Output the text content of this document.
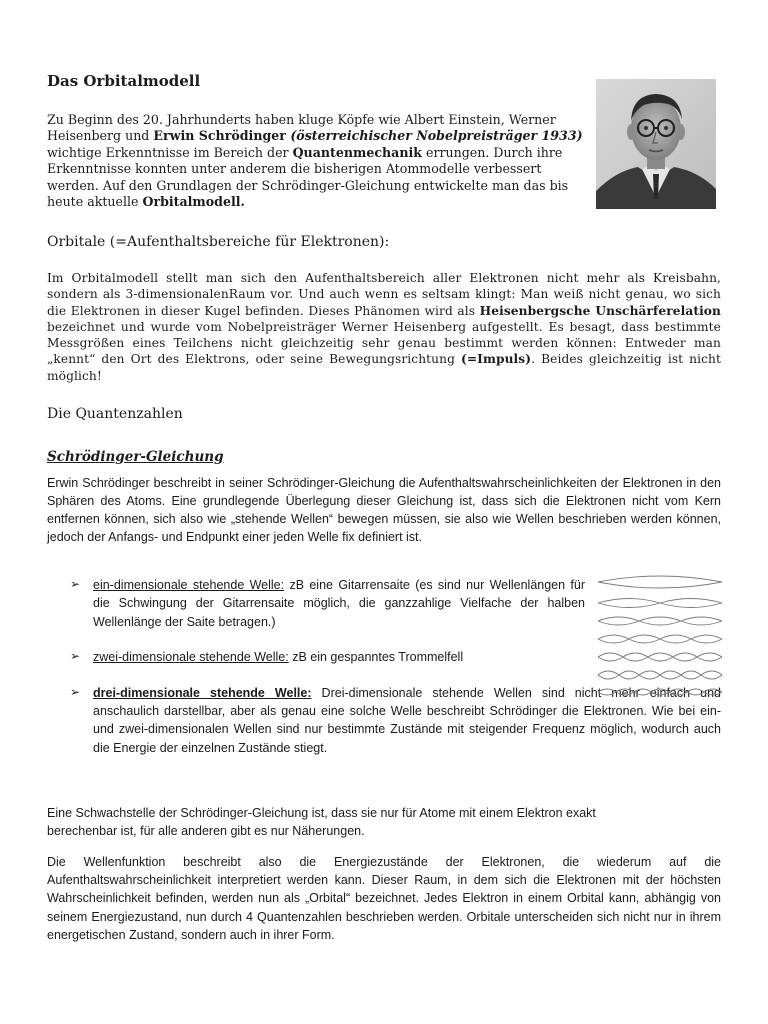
Das Orbitalmodell

Zu Beginn des 20. Jahrhunderts haben kluge Köpfe wie Albert Einstein, Werner Heisenberg und Erwin Schrödinger (österreichischer Nobelpreisträger 1933) wichtige Erkenntnisse im Bereich der Quantenmechanik errungen. Durch ihre Erkenntnisse konnten unter anderem die bisherigen Atommodelle verbessert werden. Auf den Grundlagen der Schrödinger-Gleichung entwickelte man das bis heute aktuelle Orbitalmodell.

Orbitale (=Aufenthaltsbereiche für Elektronen):

Im Orbitalmodell stellt man sich den Aufenthaltsbereich aller Elektronen nicht mehr als Kreisbahn, sondern als 3-dimensionalenRaum vor. Und auch wenn es seltsam klingt: Man weiß nicht genau, wo sich die Elektronen in dieser Kugel befinden. Dieses Phänomen wird als Heisenbergsche Unschärferelation bezeichnet und wurde vom Nobelpreisträger Werner Heisenberg aufgestellt. Es besagt, dass bestimmte Messgrößen eines Teilchens nicht gleichzeitig sehr genau bestimmt werden können: Entweder man „kennt“ den Ort des Elektrons, oder seine Bewegungsrichtung (=Impuls). Beides gleichzeitig ist nicht möglich!

Die Quantenzahlen

Schrödinger-Gleichung

Erwin Schrödinger beschreibt in seiner Schrödinger-Gleichung die Aufenthaltswahrscheinlichkeiten der Elektronen in den Sphären des Atoms. Eine grundlegende Überlegung dieser Gleichung ist, dass sich die Elektronen nicht vom Kern entfernen können, sich also wie „stehende Wellen“ bewegen müssen, sie also wie Wellen beschrieben werden können, jedoch der Anfangs- und Endpunkt einer jeden Welle fix definiert ist.

➢ ein-dimensionale stehende Welle: zB eine Gitarrensaite (es sind nur Wellenlängen für die Schwingung der Gitarrensaite möglich, die ganzzahlige Vielfache der halben Wellenlänge der Saite betragen.)

➢ zwei-dimensionale stehende Welle: zB ein gespanntes Trommelfell

➢ drei-dimensionale stehende Welle: Drei-dimensionale stehende Wellen sind nicht mehr einfach und anschaulich darstellbar, aber als genau eine solche Welle beschreibt Schrödinger die Elektronen. Wie bei ein- und zwei-dimensionalen Wellen sind nur bestimmte Zustände mit steigender Frequenz möglich, wodurch auch die Energie der einzelnen Zustände stiegt.

Eine Schwachstelle der Schrödinger-Gleichung ist, dass sie nur für Atome mit einem Elektron exakt berechenbar ist, für alle anderen gibt es nur Näherungen.

Die Wellenfunktion beschreibt also die Energiezustände der Elektronen, die wiederum auf die Aufenthaltswahrscheinlichkeit interpretiert werden kann. Dieser Raum, in dem sich die Elektronen mit der höchsten Wahrscheinlichkeit befinden, werden nun als „Orbital“ bezeichnet. Jedes Elektron in einem Orbital kann, abhängig von seinem Energiezustand, nun durch 4 Quantenzahlen beschrieben werden. Orbitale unterscheiden sich nicht nur in ihrem energetischen Zustand, sondern auch in ihrer Form.
